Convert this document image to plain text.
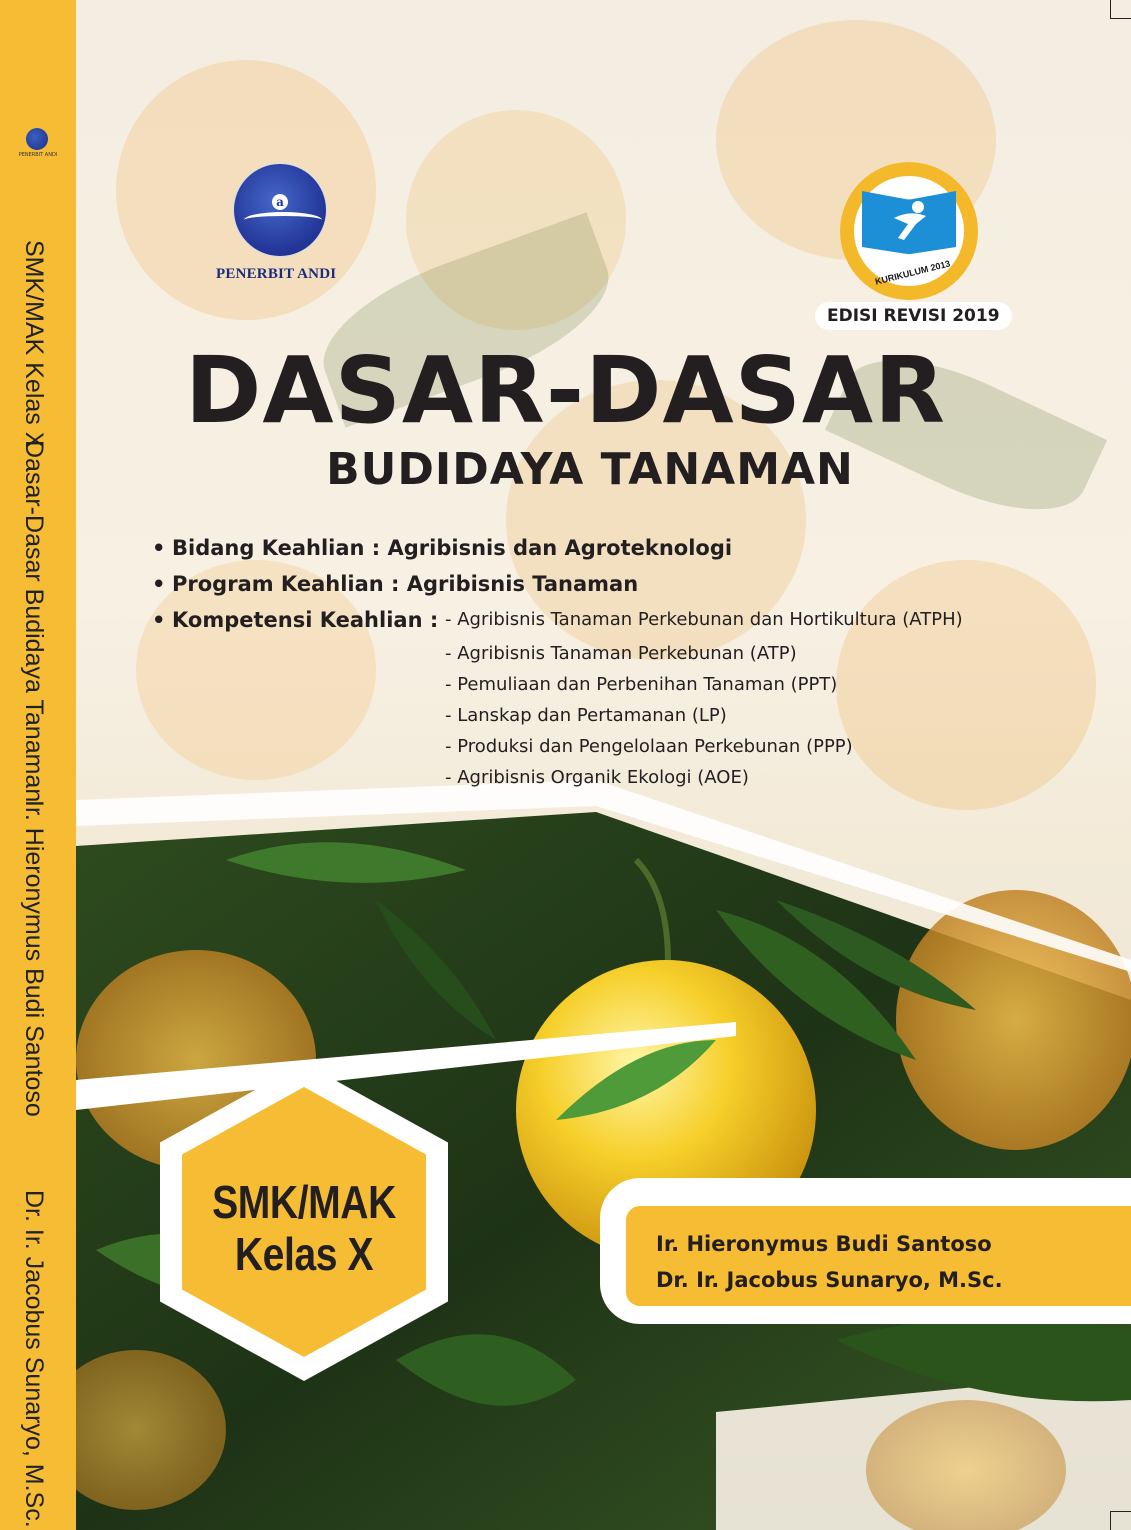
PENERBIT ANDI
SMK/MAK Kelas X
Dasar-Dasar Budidaya Tanaman
Ir. Hieronymus Budi Santoso
Dr. Ir. Jacobus Sunaryo, M.Sc.
a
PENERBIT ANDI	KURIKULUM 2013
EDISI REVISI 2019
DASAR-DASAR
BUDIDAYA TANAMAN
• Bidang Keahlian : Agribisnis dan Agroteknologi
• Program Keahlian : Agribisnis Tanaman
• Kompetensi Keahlian : - Agribisnis Tanaman Perkebunan dan Hortikultura (ATPH)
- Agribisnis Tanaman Perkebunan (ATP)
- Pemuliaan dan Perbenihan Tanaman (PPT)
- Lanskap dan Pertamanan (LP)
- Produksi dan Pengelolaan Perkebunan (PPP)
- Agribisnis Organik Ekologi (AOE)
SMK/MAK
Kelas X	Ir. Hieronymus Budi Santoso
Dr. Ir. Jacobus Sunaryo, M.Sc.
